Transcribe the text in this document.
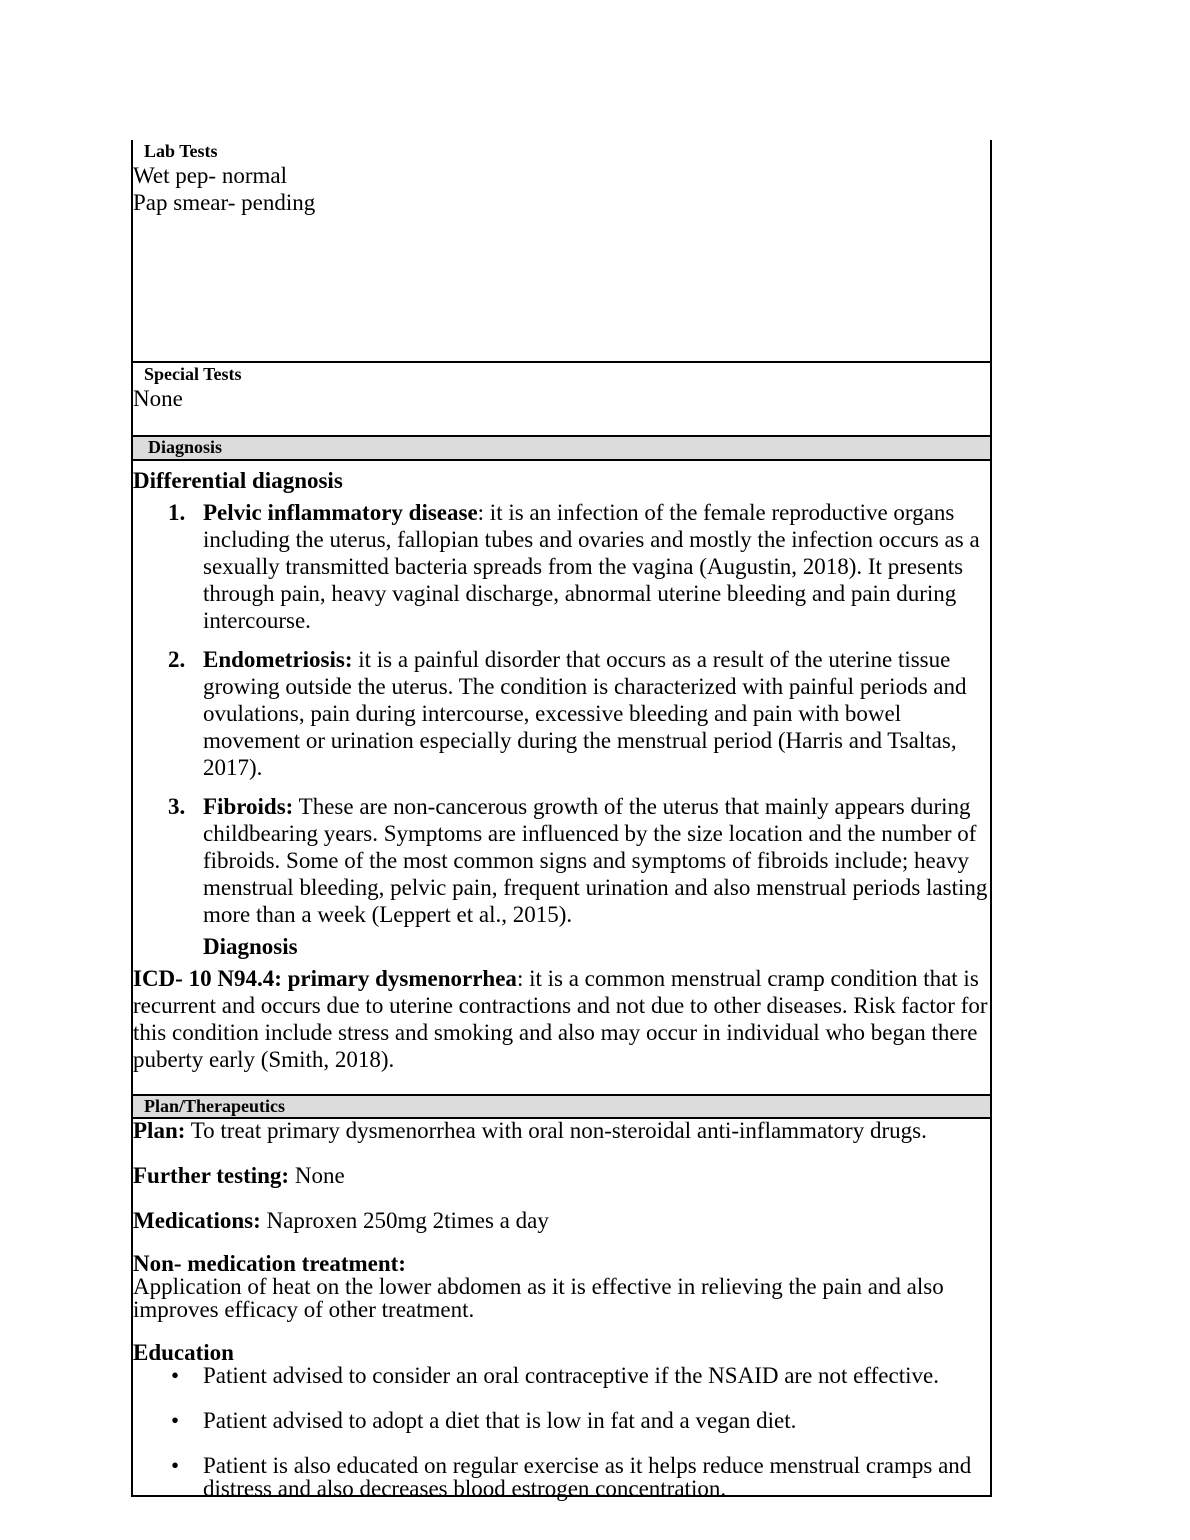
Lab Tests
Wet pep- normal
Pap smear- pending
Special Tests
None
Diagnosis
Differential diagnosis
1. Pelvic inflammatory disease: it is an infection of the female reproductive organs including the uterus, fallopian tubes and ovaries and mostly the infection occurs as a sexually transmitted bacteria spreads from the vagina (Augustin, 2018). It presents through pain, heavy vaginal discharge, abnormal uterine bleeding and pain during intercourse.
2. Endometriosis: it is a painful disorder that occurs as a result of the uterine tissue growing outside the uterus. The condition is characterized with painful periods and ovulations, pain during intercourse, excessive bleeding and pain with bowel movement or urination especially during the menstrual period (Harris and Tsaltas, 2017).
3. Fibroids: These are non-cancerous growth of the uterus that mainly appears during childbearing years. Symptoms are influenced by the size location and the number of fibroids. Some of the most common signs and symptoms of fibroids include; heavy menstrual bleeding, pelvic pain, frequent urination and also menstrual periods lasting more than a week (Leppert et al., 2015).
Diagnosis
ICD- 10 N94.4: primary dysmenorrhea: it is a common menstrual cramp condition that is recurrent and occurs due to uterine contractions and not due to other diseases. Risk factor for this condition include stress and smoking and also may occur in individual who began there puberty early (Smith, 2018).
Plan/Therapeutics
Plan: To treat primary dysmenorrhea with oral non-steroidal anti-inflammatory drugs.
Further testing: None
Medications: Naproxen 250mg 2times a day
Non- medication treatment:
Application of heat on the lower abdomen as it is effective in relieving the pain and also improves efficacy of other treatment.
Education
• Patient advised to consider an oral contraceptive if the NSAID are not effective.
• Patient advised to adopt a diet that is low in fat and a vegan diet.
• Patient is also educated on regular exercise as it helps reduce menstrual cramps and distress and also decreases blood estrogen concentration.
